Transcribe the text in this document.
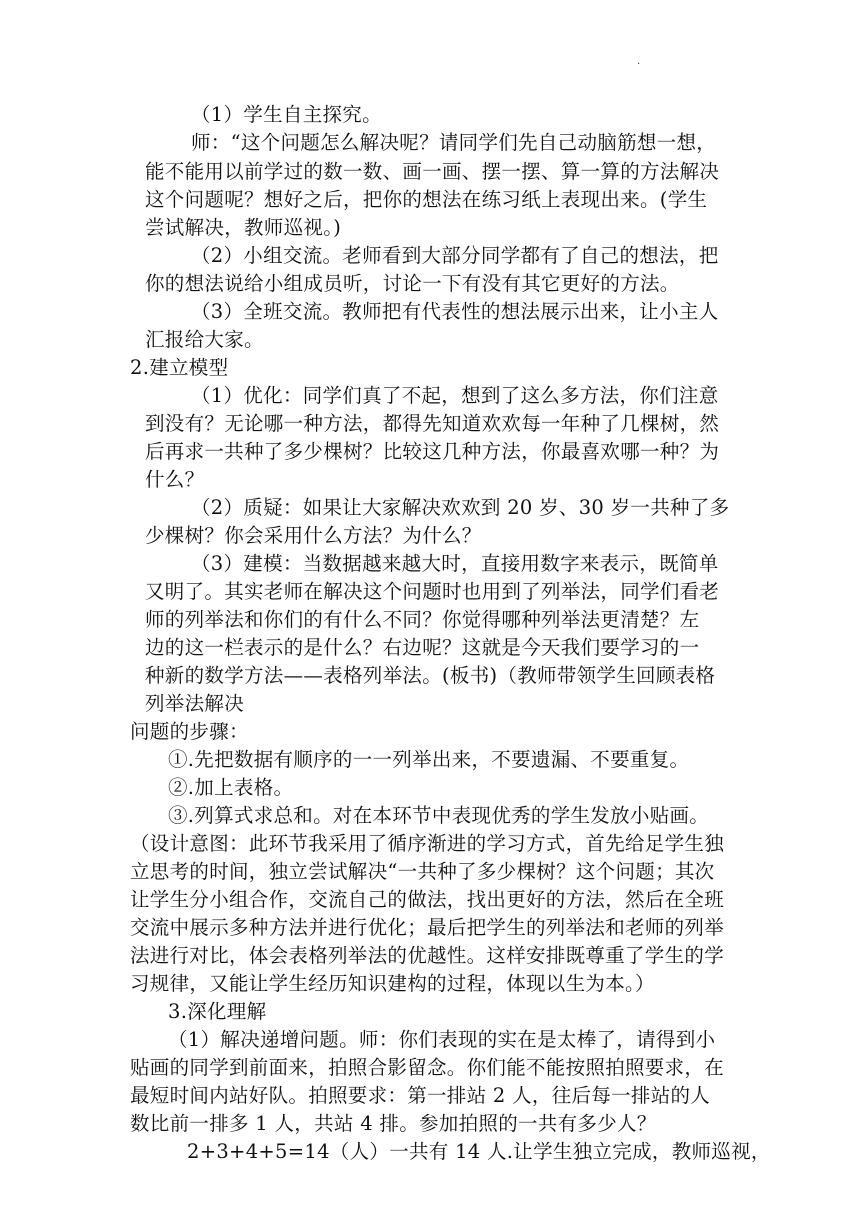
.
（1）学生自主探究。
师：“这个问题怎么解决呢？请同学们先自己动脑筋想一想，
能不能用以前学过的数一数、画一画、摆一摆、算一算的方法解决
这个问题呢？想好之后，把你的想法在练习纸上表现出来。(学生
尝试解决，教师巡视。)
（2）小组交流。老师看到大部分同学都有了自己的想法，把
你的想法说给小组成员听，讨论一下有没有其它更好的方法。
（3）全班交流。教师把有代表性的想法展示出来，让小主人
汇报给大家。
2.建立模型
（1）优化：同学们真了不起，想到了这么多方法，你们注意
到没有？无论哪一种方法，都得先知道欢欢每一年种了几棵树，然
后再求一共种了多少棵树？比较这几种方法，你最喜欢哪一种？为
什么？
（2）质疑：如果让大家解决欢欢到 20 岁、30 岁一共种了多
少棵树？你会采用什么方法？为什么？
（3）建模：当数据越来越大时，直接用数字来表示，既简单
又明了。其实老师在解决这个问题时也用到了列举法，同学们看老
师的列举法和你们的有什么不同？你觉得哪种列举法更清楚？左
边的这一栏表示的是什么？右边呢？这就是今天我们要学习的一
种新的数学方法——表格列举法。(板书)（教师带领学生回顾表格
列举法解决
问题的步骤：
①.先把数据有顺序的一一列举出来，不要遗漏、不要重复。
②.加上表格。
③.列算式求总和。对在本环节中表现优秀的学生发放小贴画。
（设计意图：此环节我采用了循序渐进的学习方式，首先给足学生独
立思考的时间，独立尝试解决“一共种了多少棵树？这个问题；其次
让学生分小组合作，交流自己的做法，找出更好的方法，然后在全班
交流中展示多种方法并进行优化；最后把学生的列举法和老师的列举
法进行对比，体会表格列举法的优越性。这样安排既尊重了学生的学
习规律，又能让学生经历知识建构的过程，体现以生为本。）
3.深化理解
（1）解决递增问题。师：你们表现的实在是太棒了，请得到小
贴画的同学到前面来，拍照合影留念。你们能不能按照拍照要求，在
最短时间内站好队。拍照要求：第一排站 2 人，往后每一排站的人
数比前一排多 1 人，共站 4 排。参加拍照的一共有多少人？
2+3+4+5=14（人）一共有 14 人.让学生独立完成，教师巡视，
